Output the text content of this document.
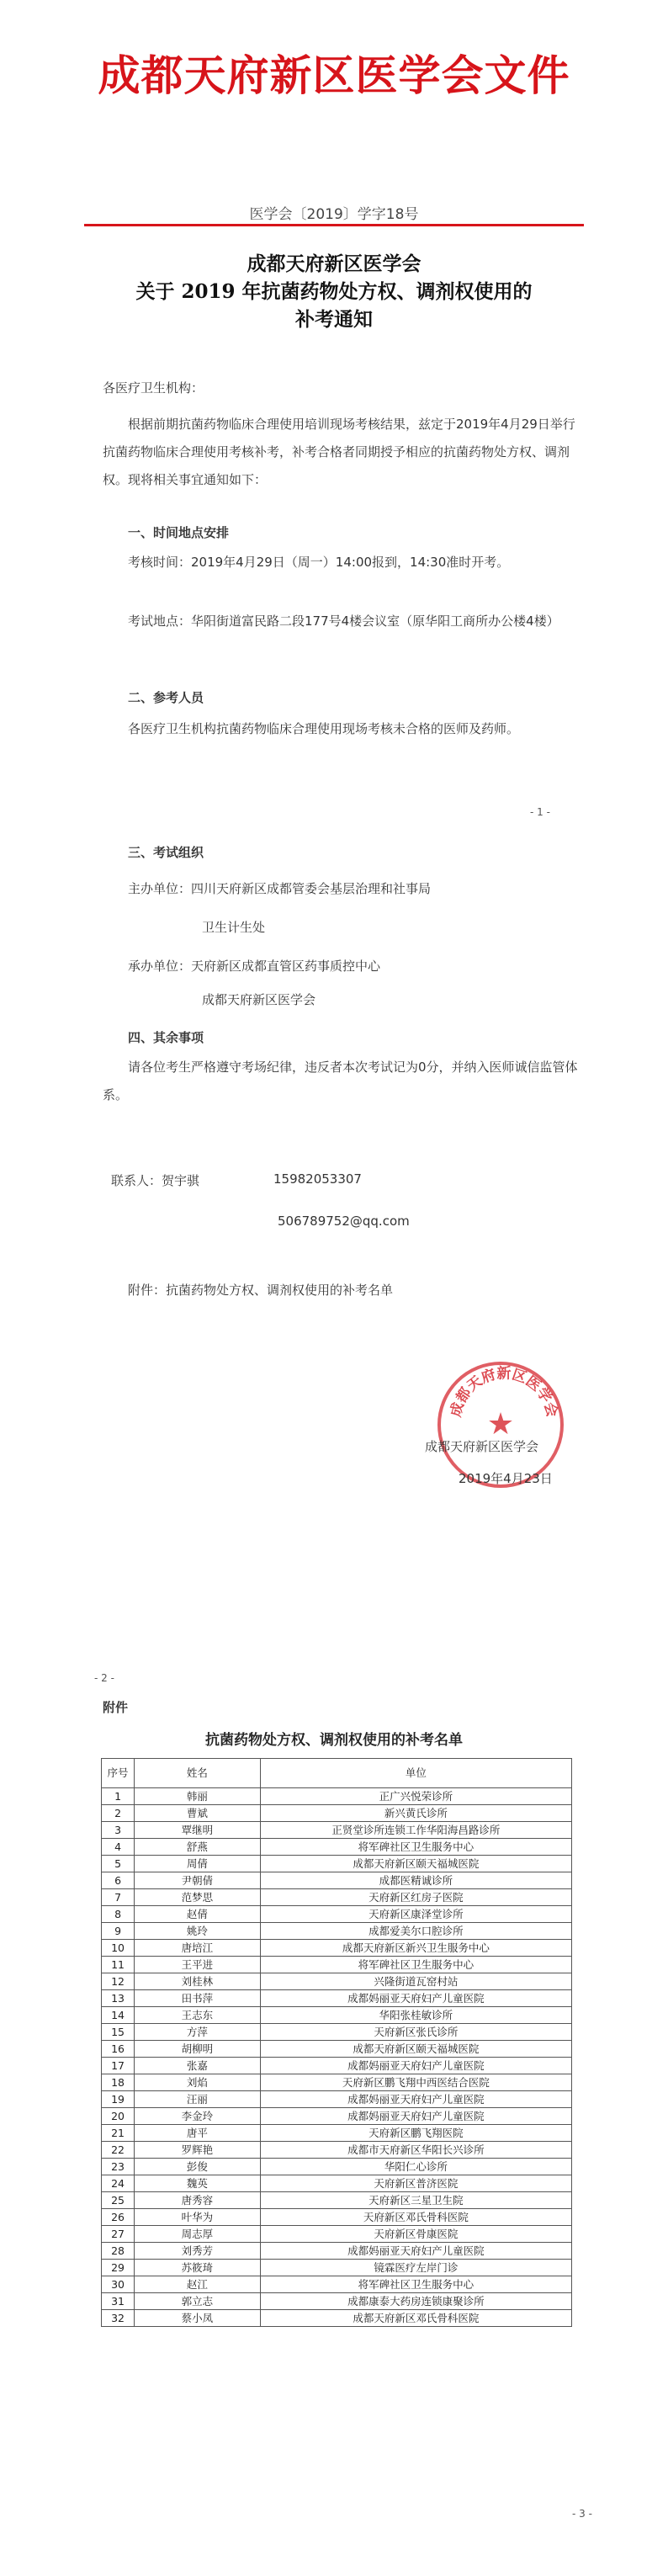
成都天府新区医学会文件
医学会〔2019〕学字18号
成都天府新区医学会
关于 2019 年抗菌药物处方权、调剂权使用的
补考通知
各医疗卫生机构：
根据前期抗菌药物临床合理使用培训现场考核结果，兹定于2019年4月29日举行抗菌药物临床合理使用考核补考，补考合格者同期授予相应的抗菌药物处方权、调剂权。现将相关事宜通知如下：
一、时间地点安排
考核时间：2019年4月29日（周一）14:00报到，14:30准时开考。
考试地点：华阳街道富民路二段177号4楼会议室（原华阳工商所办公楼4楼）
二、参考人员
各医疗卫生机构抗菌药物临床合理使用现场考核未合格的医师及药师。
- 1 -
三、考试组织
主办单位： 四川天府新区成都管委会基层治理和社事局
卫生计生处
承办单位： 天府新区成都直管区药事质控中心
成都天府新区医学会
四、其余事项
请各位考生严格遵守考场纪律，违反者本次考试记为0分，并纳入医师诚信监管体系。
联系人：贺宇骐	15982053307
506789752@qq.com
附件：抗菌药物处方权、调剂权使用的补考名单
成都天府新区医学会
★
成都天府新区医学会
2019年4月23日
- 2 -
附件
抗菌药物处方权、调剂权使用的补考名单
序号	姓名	单位
1	韩丽	正广兴悦荣诊所
2	曹斌	新兴黄氏诊所
3	覃继明	正贤堂诊所连锁工作华阳海昌路诊所
4	舒燕	将军碑社区卫生服务中心
5	周倩	成都天府新区颐天福城医院
6	尹朝倩	成都医精诚诊所
7	范梦思	天府新区红房子医院
8	赵倩	天府新区康泽堂诊所
9	姚玲	成都爱美尔口腔诊所
10	唐培江	成都天府新区新兴卫生服务中心
11	王平进	将军碑社区卫生服务中心
12	刘桂林	兴隆街道瓦窑村站
13	田书萍	成都妈丽亚天府妇产儿童医院
14	王志东	华阳张桂敏诊所
15	方萍	天府新区张氏诊所
16	胡柳明	成都天府新区颐天福城医院
17	张嘉	成都妈丽亚天府妇产儿童医院
18	刘焰	天府新区鹏飞翔中西医结合医院
19	汪丽	成都妈丽亚天府妇产儿童医院
20	李金玲	成都妈丽亚天府妇产儿童医院
21	唐平	天府新区鹏飞翔医院
22	罗辉艳	成都市天府新区华阳长兴诊所
23	彭俊	华阳仁心诊所
24	魏英	天府新区普济医院
25	唐秀容	天府新区三星卫生院
26	叶华为	天府新区邓氏骨科医院
27	周志厚	天府新区骨康医院
28	刘秀芳	成都妈丽亚天府妇产儿童医院
29	苏筱琦	镜霖医疗左岸门诊
30	赵江	将军碑社区卫生服务中心
31	郭立志	成都康泰大药房连锁康聚诊所
32	蔡小凤	成都天府新区邓氏骨科医院
- 3 -
